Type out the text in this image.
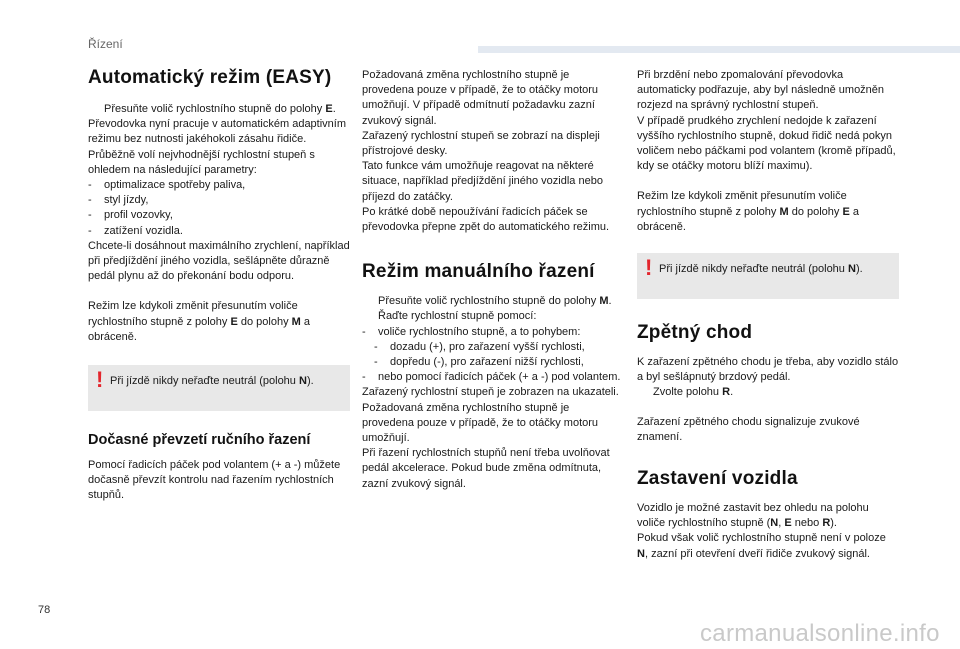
Řízení
Automatický režim (EASY)

Přesuňte volič rychlostního stupně do polohy E.

Převodovka nyní pracuje v automatickém adaptivním režimu bez nutnosti jakéhokoli zásahu řidiče.

Průběžně volí nejvhodnější rychlostní stupeň s ohledem na následující parametry:

- optimalizace spotřeby paliva,

- styl jízdy,

- profil vozovky,

- zatížení vozidla.

Chcete-li dosáhnout maximálního zrychlení, například při předjíždění jiného vozidla, sešlápněte důrazně pedál plynu až do překonání bodu odporu.

Režim lze kdykoli změnit přesunutím voliče rychlostního stupně z polohy E do polohy M a obráceně.

! Při jízdě nikdy neřaďte neutrál (polohu N).
Dočasné převzetí ručního řazení

Pomocí řadicích páček pod volantem (+ a -) můžete dočasně převzít kontrolu nad řazením rychlostních stupňů.

Požadovaná změna rychlostního stupně je provedena pouze v případě, že to otáčky motoru umožňují. V případě odmítnutí požadavku zazní zvukový signál.

Zařazený rychlostní stupeň se zobrazí na displeji přístrojové desky.

Tato funkce vám umožňuje reagovat na některé situace, například předjíždění jiného vozidla nebo příjezd do zatáčky.

Po krátké době nepoužívání řadicích páček se převodovka přepne zpět do automatického režimu.

Režim manuálního řazení

Přesuňte volič rychlostního stupně do polohy M.

Řaďte rychlostní stupně pomocí:

- voliče rychlostního stupně, a to pohybem:

- dozadu (+), pro zařazení vyšší rychlosti,

- dopředu (-), pro zařazení nižší rychlosti,

- nebo pomocí řadicích páček (+ a -) pod volantem.

Zařazený rychlostní stupeň je zobrazen na ukazateli.

Požadovaná změna rychlostního stupně je provedena pouze v případě, že to otáčky motoru umožňují.

Při řazení rychlostních stupňů není třeba uvolňovat pedál akcelerace. Pokud bude změna odmítnuta, zazní zvukový signál.

Při brzdění nebo zpomalování převodovka automaticky podřazuje, aby byl následně umožněn rozjezd na správný rychlostní stupeň.

V případě prudkého zrychlení nedojde k zařazení vyššího rychlostního stupně, dokud řidič nedá pokyn voličem nebo páčkami pod volantem (kromě případů, kdy se otáčky motoru blíží maximu).

Režim lze kdykoli změnit přesunutím voliče rychlostního stupně z polohy M do polohy E a obráceně.

! Při jízdě nikdy neřaďte neutrál (polohu N).
Zpětný chod

K zařazení zpětného chodu je třeba, aby vozidlo stálo a byl sešlápnutý brzdový pedál.

Zvolte polohu R.

Zařazení zpětného chodu signalizuje zvukové znamení.

Zastavení vozidla

Vozidlo je možné zastavit bez ohledu na polohu voliče rychlostního stupně (N, E nebo R).

Pokud však volič rychlostního stupně není v poloze N, zazní při otevření dveří řidiče zvukový signál.

78
carmanualsonline.info
